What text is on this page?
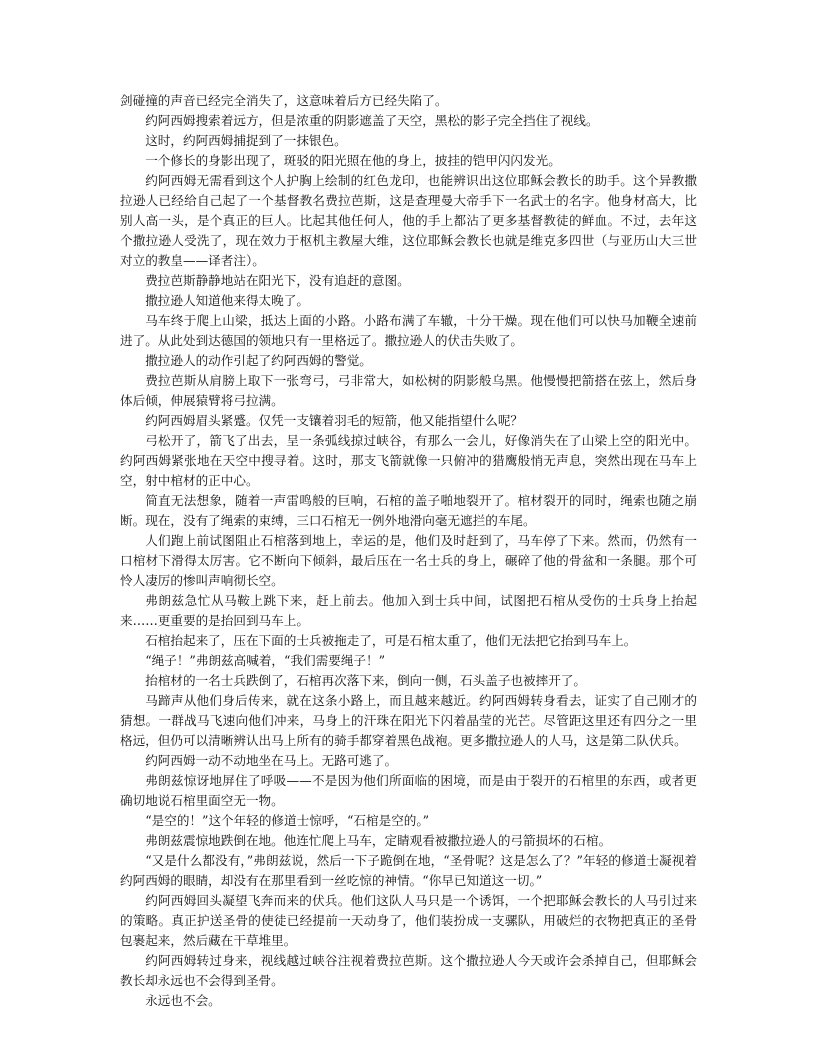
剑碰撞的声音已经完全消失了，这意味着后方已经失陷了。

约阿西姆搜索着远方，但是浓重的阴影遮盖了天空，黑松的影子完全挡住了视线。

这时，约阿西姆捕捉到了一抹银色。

一个修长的身影出现了，斑驳的阳光照在他的身上，披挂的铠甲闪闪发光。

约阿西姆无需看到这个人护胸上绘制的红色龙印，也能辨识出这位耶稣会教长的助手。这个异教撒拉逊人已经给自己起了一个基督教名费拉芭斯，这是查理曼大帝手下一名武士的名字。他身材高大，比别人高一头，是个真正的巨人。比起其他任何人，他的手上都沾了更多基督教徒的鲜血。不过，去年这个撒拉逊人受洗了，现在效力于枢机主教屋大维，这位耶稣会教长也就是维克多四世（与亚历山大三世对立的教皇——译者注）。

费拉芭斯静静地站在阳光下，没有追赶的意图。

撒拉逊人知道他来得太晚了。

马车终于爬上山梁，抵达上面的小路。小路布满了车辙，十分干燥。现在他们可以快马加鞭全速前进了。从此处到达德国的领地只有一里格远了。撒拉逊人的伏击失败了。

撒拉逊人的动作引起了约阿西姆的警觉。

费拉芭斯从肩膀上取下一张弯弓，弓非常大，如松树的阴影般乌黑。他慢慢把箭搭在弦上，然后身体后倾，伸展猿臂将弓拉满。

约阿西姆眉头紧蹙。仅凭一支镶着羽毛的短箭，他又能指望什么呢？

弓松开了，箭飞了出去，呈一条弧线掠过峡谷，有那么一会儿，好像消失在了山梁上空的阳光中。约阿西姆紧张地在天空中搜寻着。这时，那支飞箭就像一只俯冲的猎鹰般悄无声息，突然出现在马车上空，射中棺材的正中心。

简直无法想象，随着一声雷鸣般的巨响，石棺的盖子啪地裂开了。棺材裂开的同时，绳索也随之崩断。现在，没有了绳索的束缚，三口石棺无一例外地滑向毫无遮拦的车尾。

人们跑上前试图阻止石棺落到地上，幸运的是，他们及时赶到了，马车停了下来。然而，仍然有一口棺材下滑得太厉害。它不断向下倾斜，最后压在一名士兵的身上，碾碎了他的骨盆和一条腿。那个可怜人凄厉的惨叫声响彻长空。

弗朗兹急忙从马鞍上跳下来，赶上前去。他加入到士兵中间，试图把石棺从受伤的士兵身上抬起来……更重要的是抬回到马车上。

石棺抬起来了，压在下面的士兵被拖走了，可是石棺太重了，他们无法把它抬到马车上。

“绳子！”弗朗兹高喊着，“我们需要绳子！”

抬棺材的一名士兵跌倒了，石棺再次落下来，倒向一侧，石头盖子也被摔开了。

马蹄声从他们身后传来，就在这条小路上，而且越来越近。约阿西姆转身看去，证实了自己刚才的猜想。一群战马飞速向他们冲来，马身上的汗珠在阳光下闪着晶莹的光芒。尽管距这里还有四分之一里格远，但仍可以清晰辨认出马上所有的骑手都穿着黑色战袍。更多撒拉逊人的人马，这是第二队伏兵。

约阿西姆一动不动地坐在马上。无路可逃了。

弗朗兹惊讶地屏住了呼吸——不是因为他们所面临的困境，而是由于裂开的石棺里的东西，或者更确切地说石棺里面空无一物。

“是空的！”这个年轻的修道士惊呼，“石棺是空的。”

弗朗兹震惊地跌倒在地。他连忙爬上马车，定睛观看被撒拉逊人的弓箭损坏的石棺。

“又是什么都没有，”弗朗兹说，然后一下子跪倒在地，“圣骨呢？这是怎么了？”年轻的修道士凝视着约阿西姆的眼睛，却没有在那里看到一丝吃惊的神情。“你早已知道这一切。”

约阿西姆回头凝望飞奔而来的伏兵。他们这队人马只是一个诱饵，一个把耶稣会教长的人马引过来的策略。真正护送圣骨的使徒已经提前一天动身了，他们装扮成一支骡队，用破烂的衣物把真正的圣骨包裹起来，然后藏在干草堆里。

约阿西姆转过身来，视线越过峡谷注视着费拉芭斯。这个撒拉逊人今天或许会杀掉自己，但耶稣会教长却永远也不会得到圣骨。

永远也不会。
